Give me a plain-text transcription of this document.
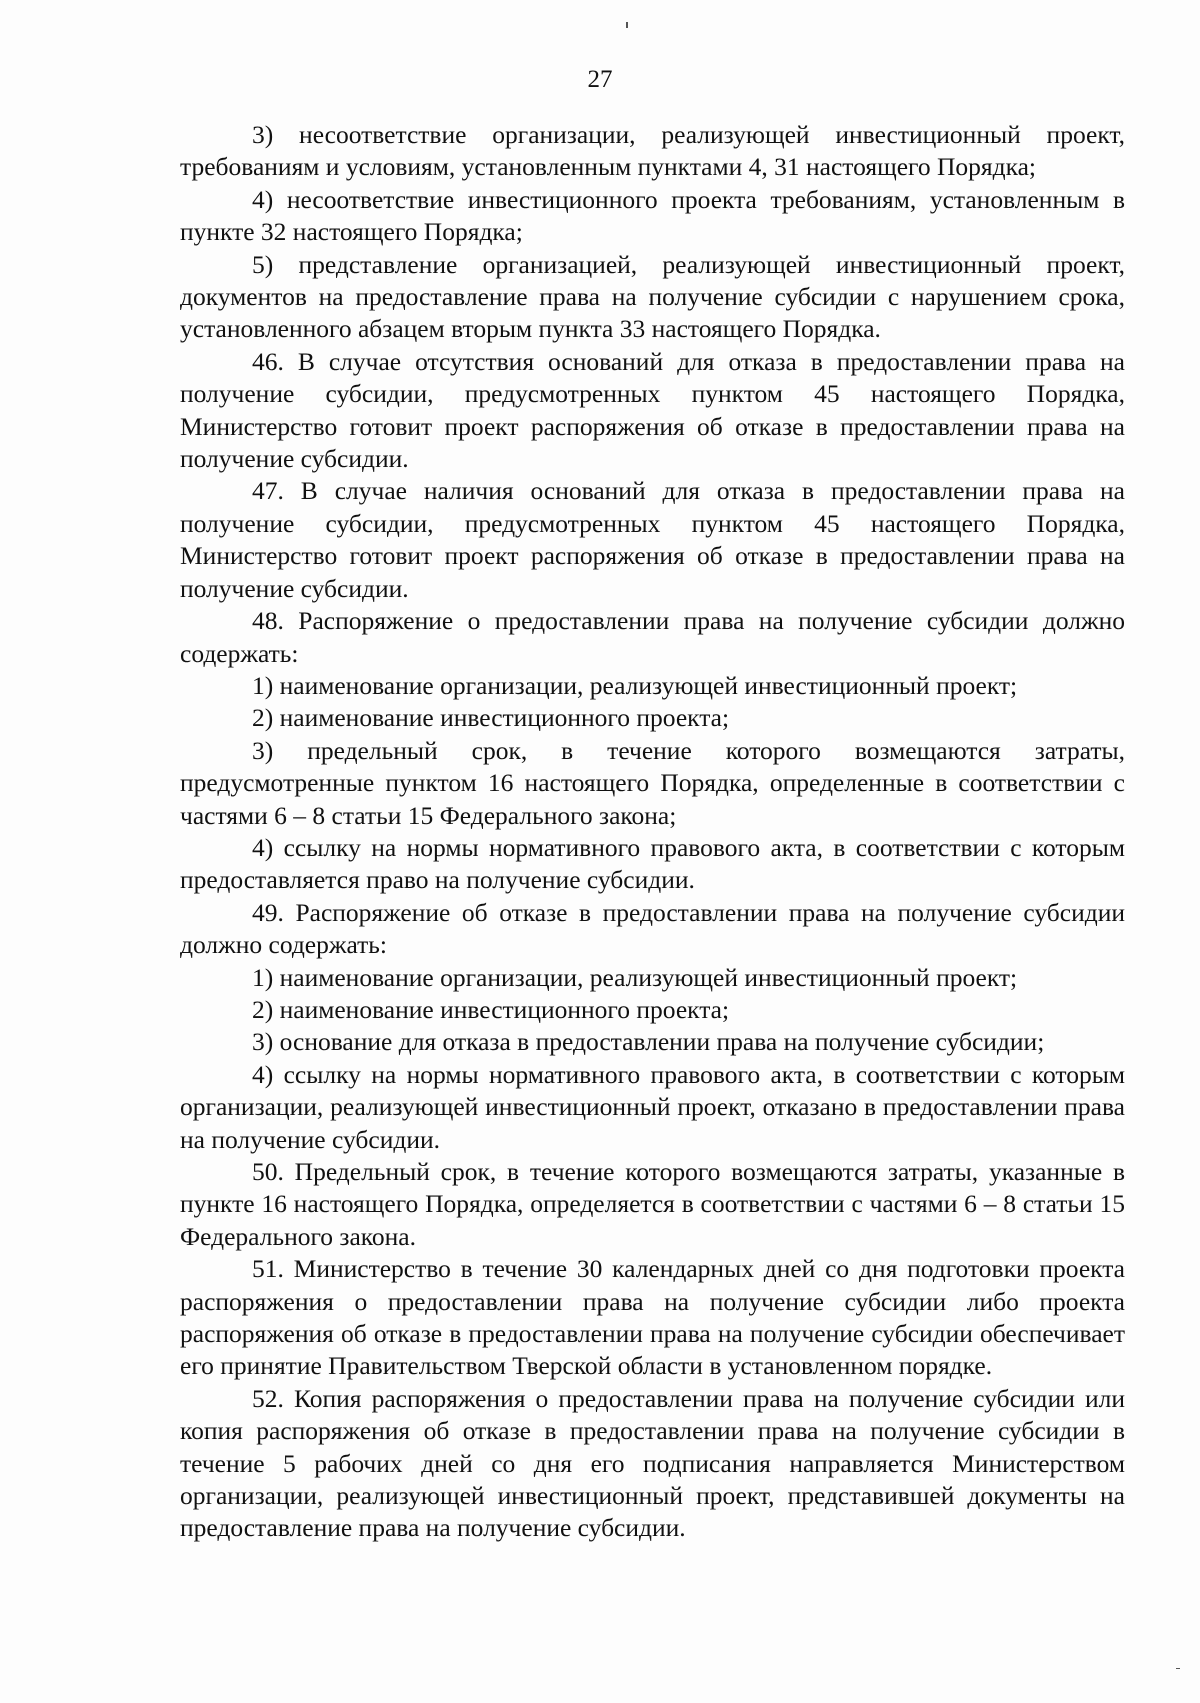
27

3) несоответствие организации, реализующей инвестиционный проект, требованиям и условиям, установленным пунктами 4, 31 настоящего Порядка;

4) несоответствие инвестиционного проекта требованиям, установленным в пункте 32 настоящего Порядка;

5) представление организацией, реализующей инвестиционный проект, документов на предоставление права на получение субсидии с нарушением срока, установленного абзацем вторым пункта 33 настоящего Порядка.

46. В случае отсутствия оснований для отказа в предоставлении права на получение субсидии, предусмотренных пунктом 45 настоящего Порядка, Министерство готовит проект распоряжения об отказе в предоставлении права на получение субсидии.

47. В случае наличия оснований для отказа в предоставлении права на получение субсидии, предусмотренных пунктом 45 настоящего Порядка, Министерство готовит проект распоряжения об отказе в предоставлении права на получение субсидии.

48. Распоряжение о предоставлении права на получение субсидии должно содержать:

1) наименование организации, реализующей инвестиционный проект;

2) наименование инвестиционного проекта;

3) предельный срок, в течение которого возмещаются затраты, предусмотренные пунктом 16 настоящего Порядка, определенные в соответствии с частями 6 – 8 статьи 15 Федерального закона;

4) ссылку на нормы нормативного правового акта, в соответствии с которым предоставляется право на получение субсидии.

49. Распоряжение об отказе в предоставлении права на получение субсидии должно содержать:

1) наименование организации, реализующей инвестиционный проект;

2) наименование инвестиционного проекта;

3) основание для отказа в предоставлении права на получение субсидии;

4) ссылку на нормы нормативного правового акта, в соответствии с которым организации, реализующей инвестиционный проект, отказано в предоставлении права на получение субсидии.

50. Предельный срок, в течение которого возмещаются затраты, указанные в пункте 16 настоящего Порядка, определяется в соответствии с частями 6 – 8 статьи 15 Федерального закона.

51. Министерство в течение 30 календарных дней со дня подготовки проекта распоряжения о предоставлении права на получение субсидии либо проекта распоряжения об отказе в предоставлении права на получение субсидии обеспечивает его принятие Правительством Тверской области в установленном порядке.

52. Копия распоряжения о предоставлении права на получение субсидии или копия распоряжения об отказе в предоставлении права на получение субсидии в течение 5 рабочих дней со дня его подписания направляется Министерством организации, реализующей инвестиционный проект, представившей документы на предоставление права на получение субсидии.
